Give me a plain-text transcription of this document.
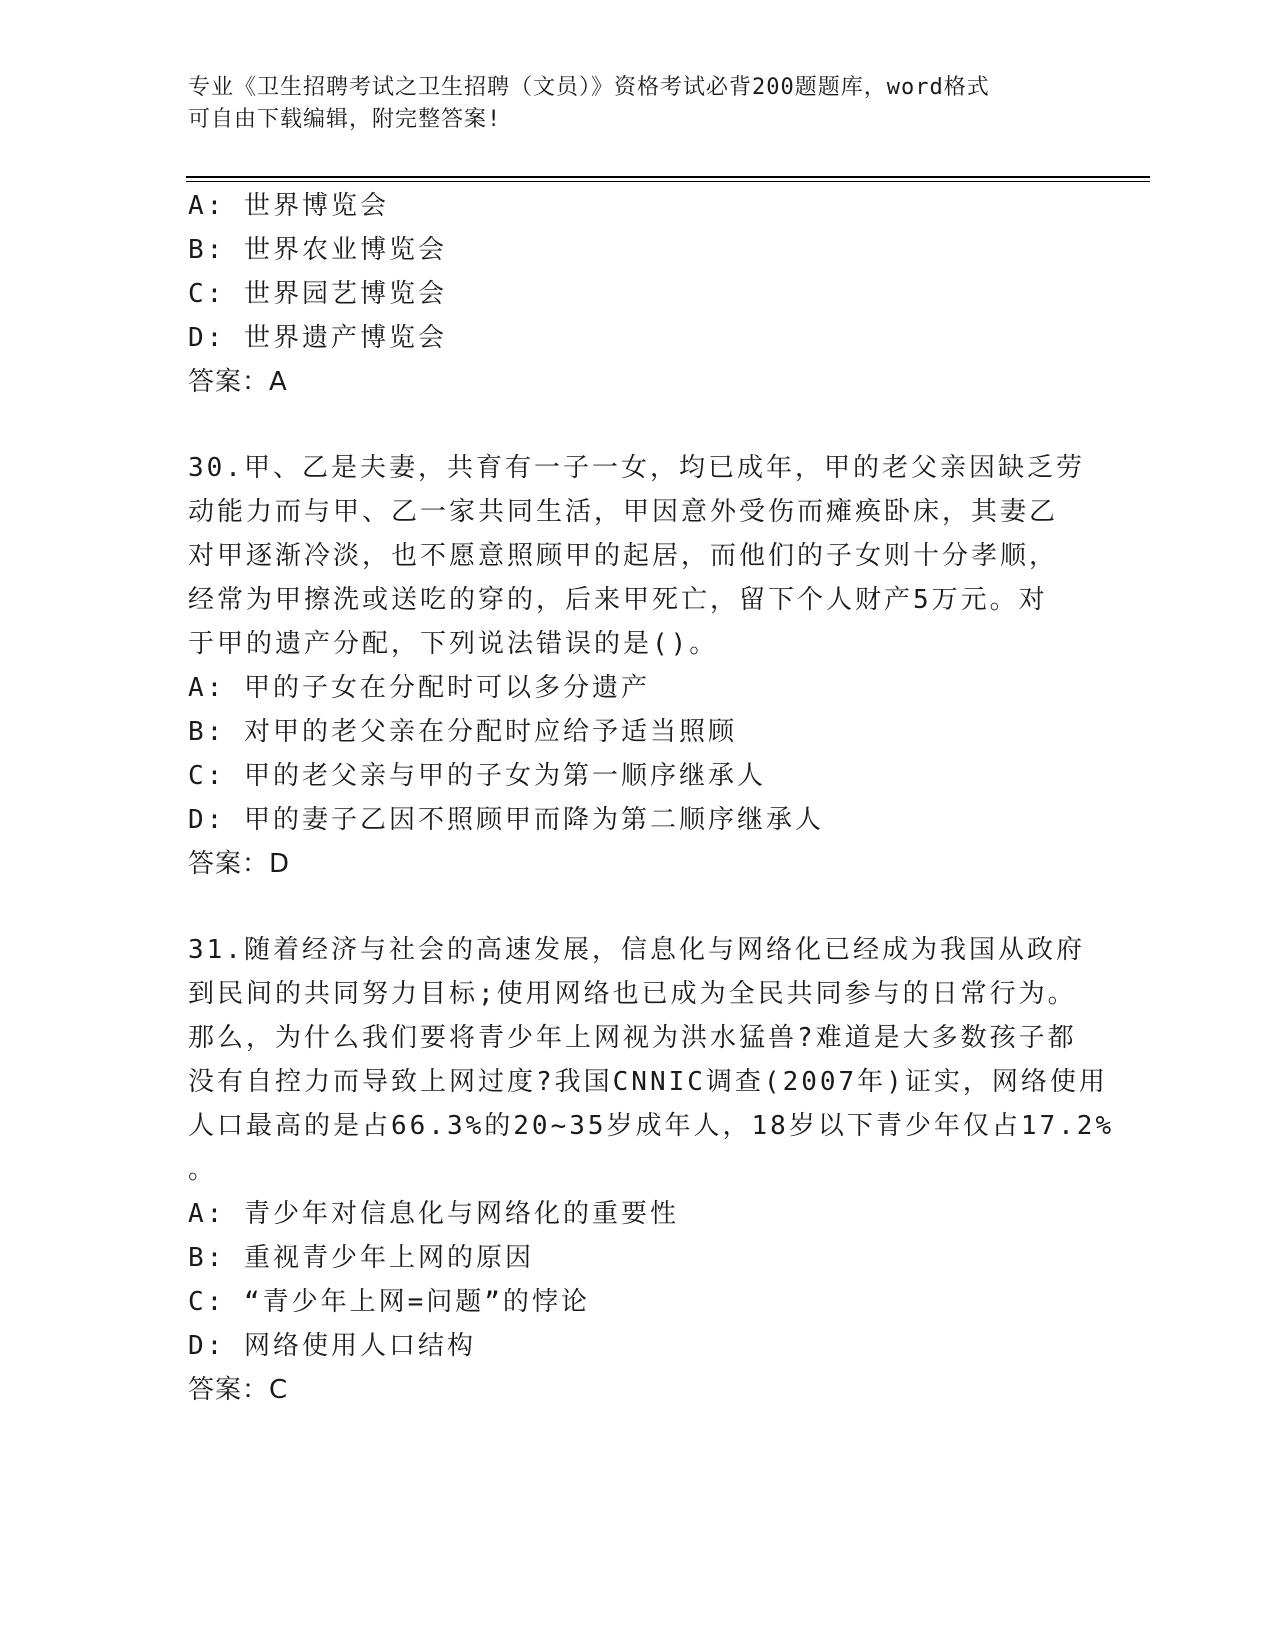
专业《卫生招聘考试之卫生招聘（文员）》资格考试必背200题题库，word格式
可自由下载编辑，附完整答案!
A: 世界博览会
B: 世界农业博览会
C: 世界园艺博览会
D: 世界遗产博览会
答案：A
30.甲、乙是夫妻，共育有一子一女，均已成年，甲的老父亲因缺乏劳
动能力而与甲、乙一家共同生活，甲因意外受伤而瘫痪卧床，其妻乙
对甲逐渐冷淡，也不愿意照顾甲的起居，而他们的子女则十分孝顺，
经常为甲擦洗或送吃的穿的，后来甲死亡，留下个人财产5万元。对
于甲的遗产分配，下列说法错误的是()。
A: 甲的子女在分配时可以多分遗产
B: 对甲的老父亲在分配时应给予适当照顾
C: 甲的老父亲与甲的子女为第一顺序继承人
D: 甲的妻子乙因不照顾甲而降为第二顺序继承人
答案：D
31.随着经济与社会的高速发展，信息化与网络化已经成为我国从政府
到民间的共同努力目标;使用网络也已成为全民共同参与的日常行为。
那么，为什么我们要将青少年上网视为洪水猛兽?难道是大多数孩子都
没有自控力而导致上网过度?我国CNNIC调查(2007年)证实，网络使用
人口最高的是占66.3%的20~35岁成年人，18岁以下青少年仅占17.2%
。
A: 青少年对信息化与网络化的重要性
B: 重视青少年上网的原因
C: “青少年上网=问题”的悖论
D: 网络使用人口结构
答案：C
